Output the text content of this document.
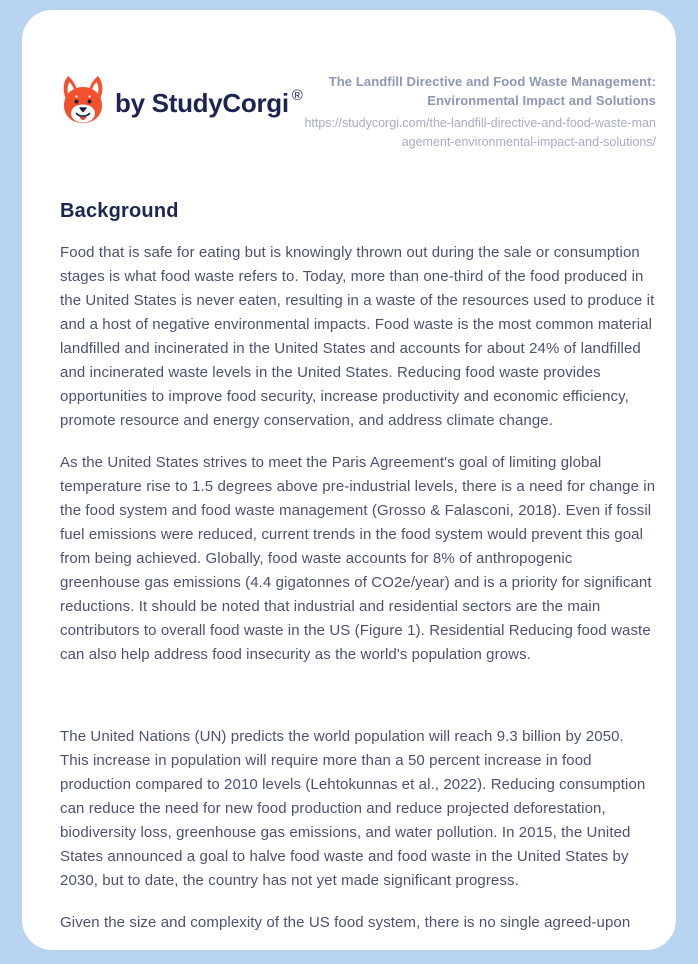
by StudyCorgi ®
The Landfill Directive and Food Waste Management: Environmental Impact and Solutions
https://studycorgi.com/the-landfill-directive-and-food-waste-management-environmental-impact-and-solutions/
Background

Food that is safe for eating but is knowingly thrown out during the sale or consumption stages is what food waste refers to. Today, more than one-third of the food produced in the United States is never eaten, resulting in a waste of the resources used to produce it and a host of negative environmental impacts. Food waste is the most common material landfilled and incinerated in the United States and accounts for about 24% of landfilled and incinerated waste levels in the United States. Reducing food waste provides opportunities to improve food security, increase productivity and economic efficiency, promote resource and energy conservation, and address climate change.

As the United States strives to meet the Paris Agreement's goal of limiting global temperature rise to 1.5 degrees above pre-industrial levels, there is a need for change in the food system and food waste management (Grosso & Falasconi, 2018). Even if fossil fuel emissions were reduced, current trends in the food system would prevent this goal from being achieved. Globally, food waste accounts for 8% of anthropogenic greenhouse gas emissions (4.4 gigatonnes of CO2e/year) and is a priority for significant reductions. It should be noted that industrial and residential sectors are the main contributors to overall food waste in the US (Figure 1). Residential Reducing food waste can also help address food insecurity as the world's population grows.

The United Nations (UN) predicts the world population will reach 9.3 billion by 2050. This increase in population will require more than a 50 percent increase in food production compared to 2010 levels (Lehtokunnas et al., 2022). Reducing consumption can reduce the need for new food production and reduce projected deforestation, biodiversity loss, greenhouse gas emissions, and water pollution. In 2015, the United States announced a goal to halve food waste and food waste in the United States by 2030, but to date, the country has not yet made significant progress.

Given the size and complexity of the US food system, there is no single agreed-upon
